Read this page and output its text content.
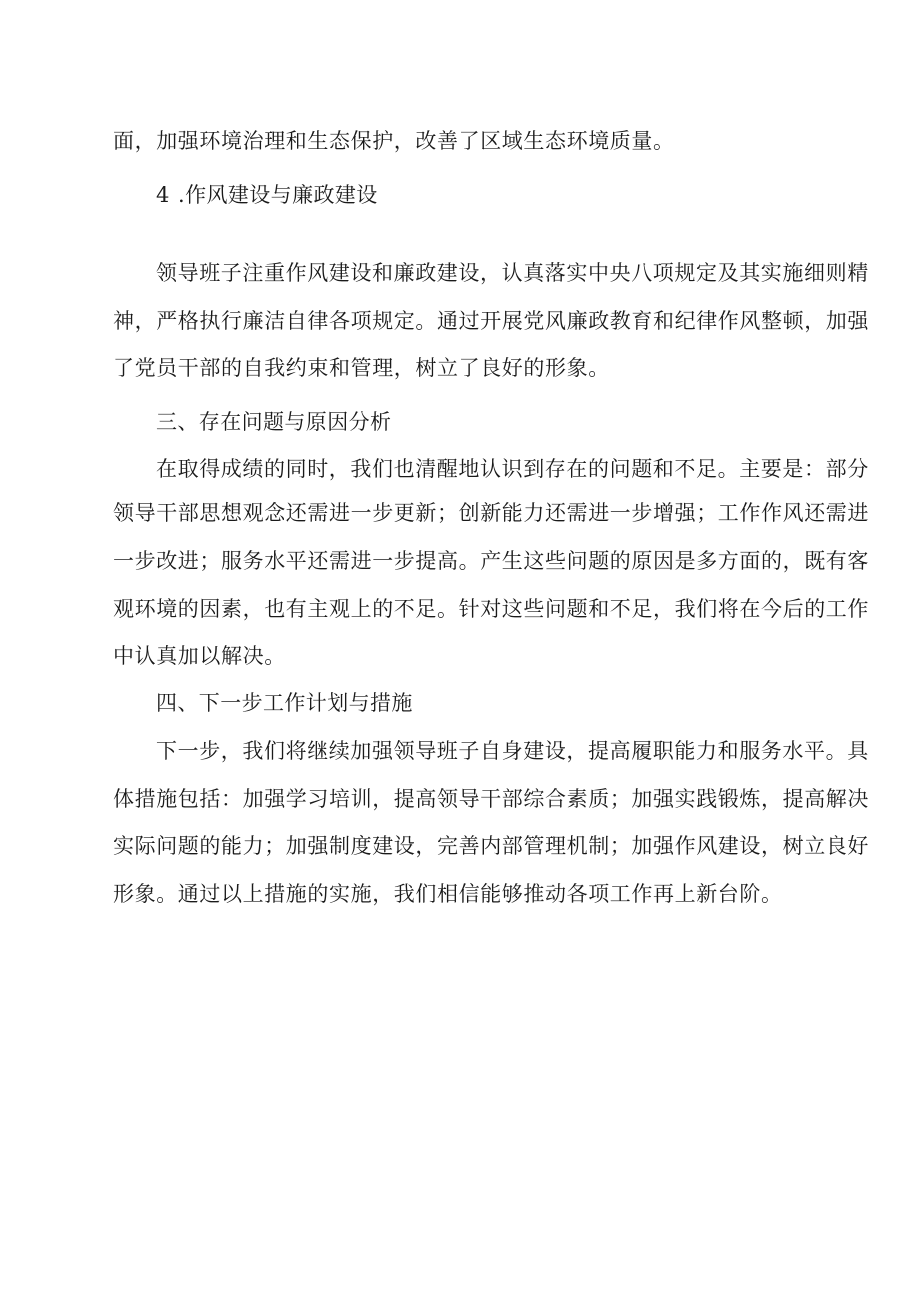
面，加强环境治理和生态保护，改善了区域生态环境质量。
4 .作风建设与廉政建设
领导班子注重作风建设和廉政建设，认真落实中央八项规定及其实施细则精
神，严格执行廉洁自律各项规定。通过开展党风廉政教育和纪律作风整顿，加强
了党员干部的自我约束和管理，树立了良好的形象。
三、存在问题与原因分析
在取得成绩的同时，我们也清醒地认识到存在的问题和不足。主要是：部分
领导干部思想观念还需进一步更新；创新能力还需进一步增强；工作作风还需进
一步改进；服务水平还需进一步提高。产生这些问题的原因是多方面的，既有客
观环境的因素，也有主观上的不足。针对这些问题和不足，我们将在今后的工作
中认真加以解决。
四、下一步工作计划与措施
下一步，我们将继续加强领导班子自身建设，提高履职能力和服务水平。具
体措施包括：加强学习培训，提高领导干部综合素质；加强实践锻炼，提高解决
实际问题的能力；加强制度建设，完善内部管理机制；加强作风建设，树立良好
形象。通过以上措施的实施，我们相信能够推动各项工作再上新台阶。
